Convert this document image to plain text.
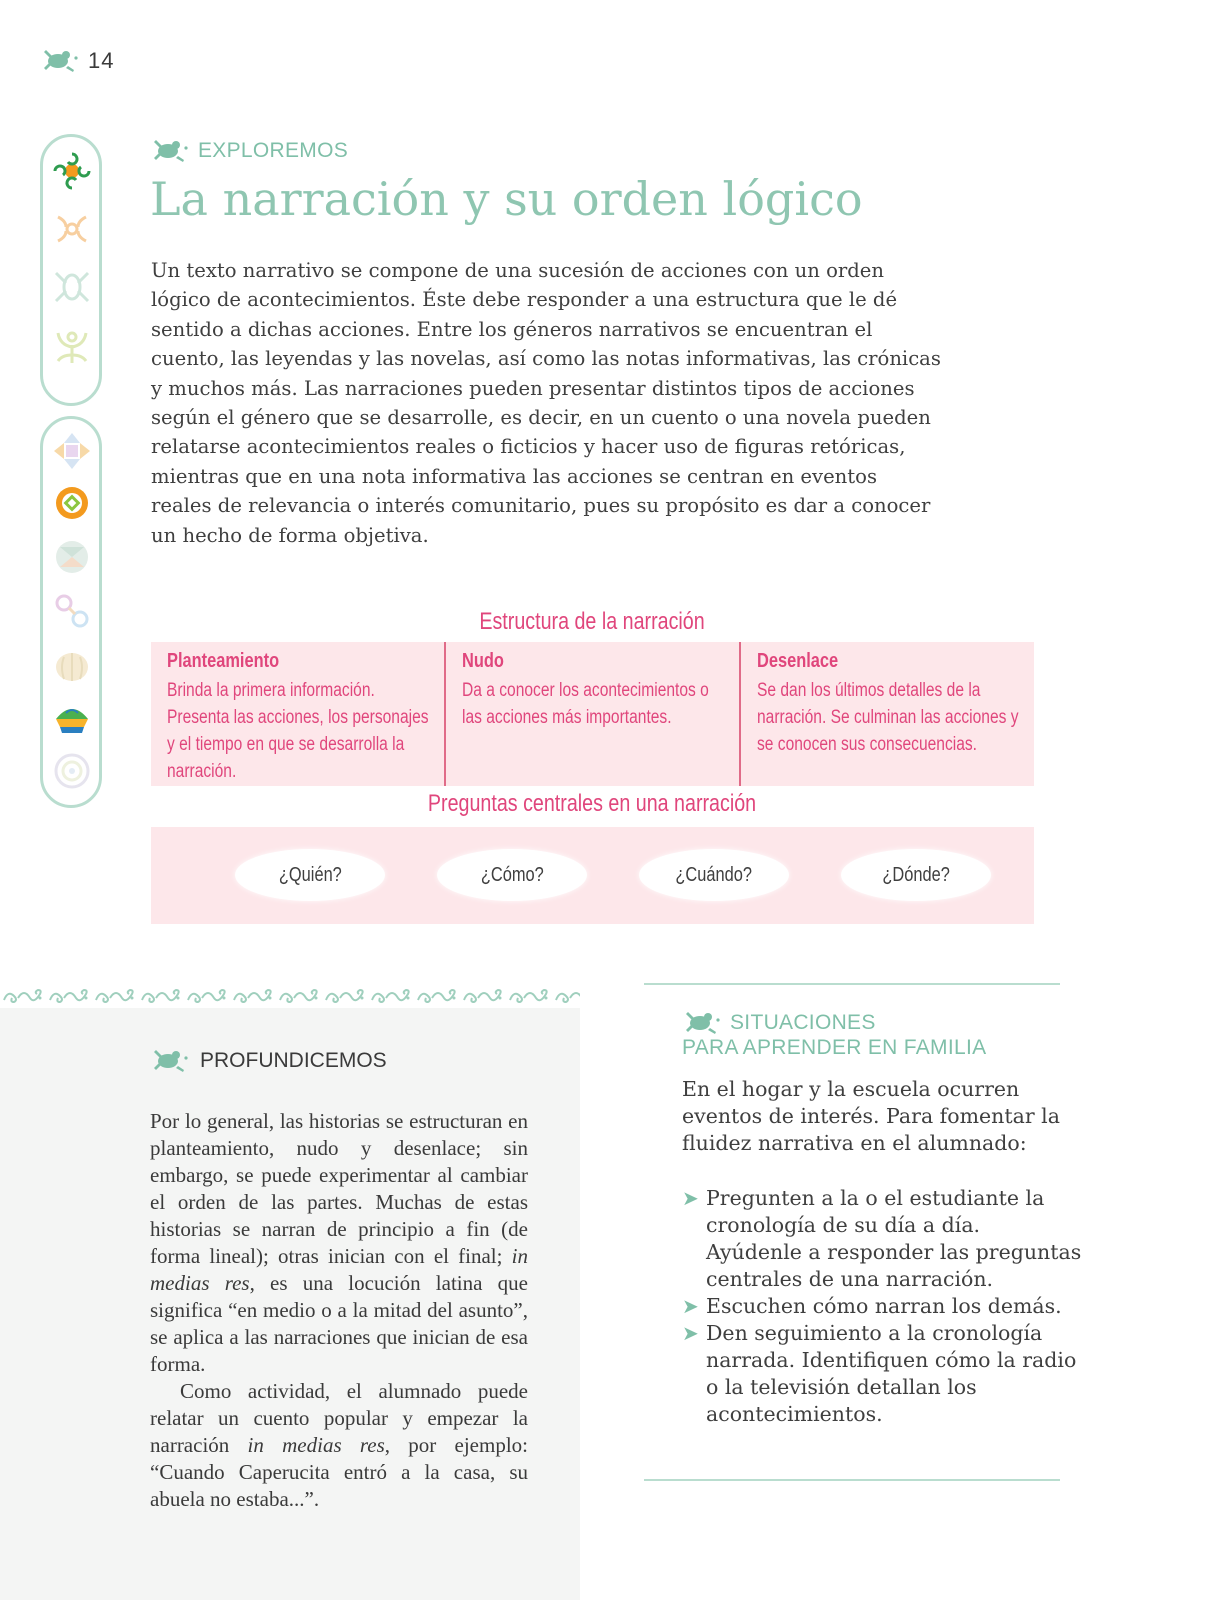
14
EXPLOREMOS
La narración y su orden lógico

Un texto narrativo se compone de una sucesión de acciones con un orden lógico de acontecimientos. Éste debe responder a una estructura que le dé sentido a dichas acciones. Entre los géneros narrativos se encuentran el cuento, las leyendas y las novelas, así como las notas informativas, las crónicas y muchos más. Las narraciones pueden presentar distintos tipos de acciones según el género que se desarrolle, es decir, en un cuento o una novela pueden relatarse acontecimientos reales o ficticios y hacer uso de figuras retóricas, mientras que en una nota informativa las acciones se centran en eventos reales de relevancia o interés comunitario, pues su propósito es dar a conocer un hecho de forma objetiva.

Estructura de la narración
Planteamiento
Brinda la primera información. Presenta las acciones, los personajes y el tiempo en que se desarrolla la narración.
Nudo
Da a conocer los acontecimientos o las acciones más importantes.
Desenlace
Se dan los últimos detalles de la narración. Se culminan las acciones y se conocen sus consecuencias.
Preguntas centrales en una narración
¿Quién?	¿Cómo?	¿Cuándo?	¿Dónde?
PROFUNDICEMOS

Por lo general, las historias se estructuran en planteamiento, nudo y desenlace; sin embargo, se puede experimentar al cambiar el orden de las partes. Muchas de estas historias se narran de principio a fin (de forma lineal); otras inician con el final; in medias res, es una locución latina que significa “en medio o a la mitad del asunto”, se aplica a las narraciones que inician de esa forma.

Como actividad, el alumnado puede relatar un cuento popular y empezar la narración in medias res, por ejemplo: “Cuando Caperucita entró a la casa, su abuela no estaba...”.

SITUACIONES
PARA APRENDER EN FAMILIA

En el hogar y la escuela ocurren eventos de interés. Para fomentar la fluidez narrativa en el alumnado:

➤ Pregunten a la o el estudiante la cronología de su día a día. Ayúdenle a responder las preguntas centrales de una narración.
➤ Escuchen cómo narran los demás.
➤ Den seguimiento a la cronología narrada. Identifiquen cómo la radio o la televisión detallan los acontecimientos.
